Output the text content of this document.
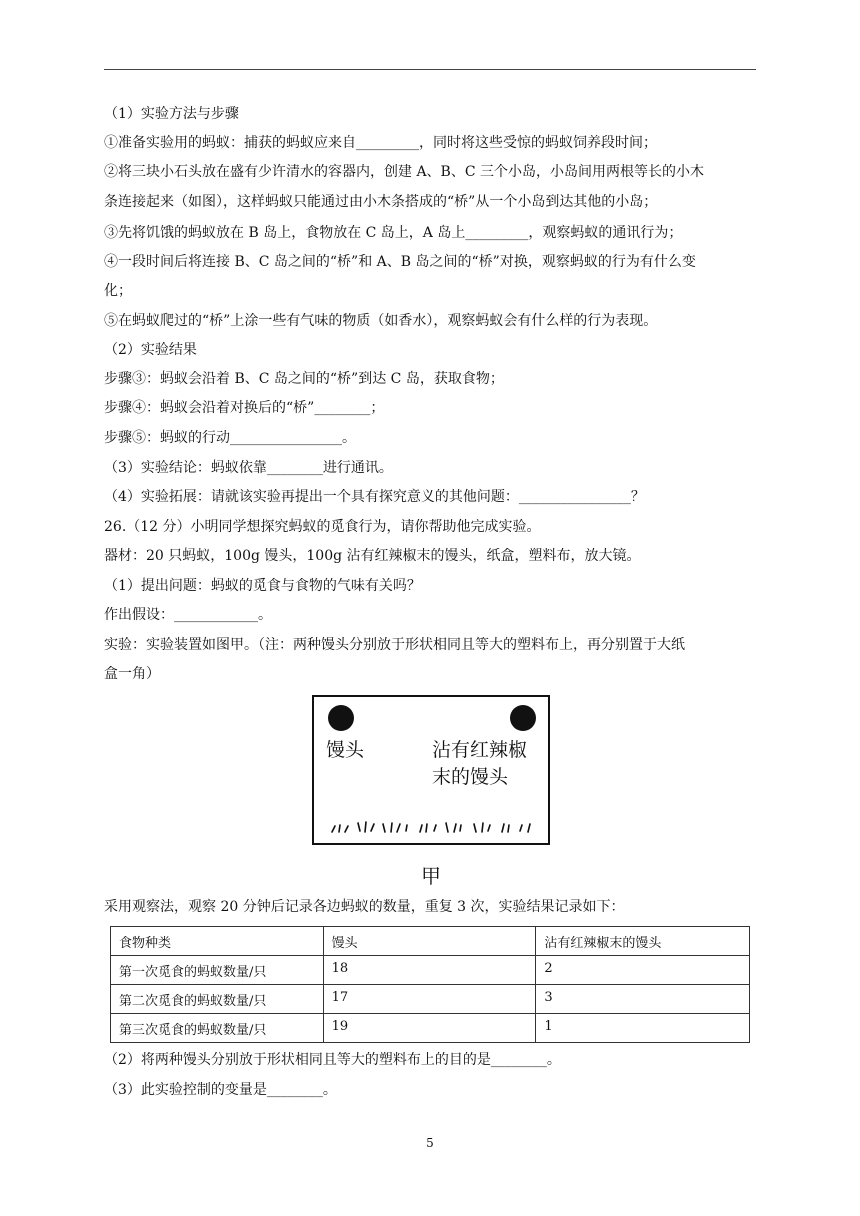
（1）实验方法与步骤
①准备实验用的蚂蚁：捕获的蚂蚁应来自_________，同时将这些受惊的蚂蚁饲养段时间；
②将三块小石头放在盛有少许清水的容器内，创建 A、B、C 三个小岛，小岛间用两根等长的小木
条连接起来（如图），这样蚂蚁只能通过由小木条搭成的“桥”从一个小岛到达其他的小岛；
③先将饥饿的蚂蚁放在 B 岛上，食物放在 C 岛上，A 岛上_________，观察蚂蚁的通讯行为；
④一段时间后将连接 B、C 岛之间的“桥”和 A、B 岛之间的“桥”对换，观察蚂蚁的行为有什么变
化；
⑤在蚂蚁爬过的“桥”上涂一些有气味的物质（如香水），观察蚂蚁会有什么样的行为表现。
（2）实验结果
步骤③：蚂蚁会沿着 B、C 岛之间的“桥”到达 C 岛，获取食物；
步骤④：蚂蚁会沿着对换后的“桥”________；
步骤⑤：蚂蚁的行动________________。
（3）实验结论：蚂蚁依靠________进行通讯。
（4）实验拓展：请就该实验再提出一个具有探究意义的其他问题：________________？
26.（12 分）小明同学想探究蚂蚁的觅食行为，请你帮助他完成实验。
器材：20 只蚂蚁，100g 馒头，100g 沾有红辣椒末的馒头，纸盒，塑料布，放大镜。
（1）提出问题：蚂蚁的觅食与食物的气味有关吗？
作出假设：____________。
实验：实验装置如图甲。（注：两种馒头分别放于形状相同且等大的塑料布上，再分别置于大纸
盒一角）
馒头	沾有红辣椒
末的馒头
甲
采用观察法，观察 20 分钟后记录各边蚂蚁的数量，重复 3 次，实验结果记录如下：
食物种类	馒头	沾有红辣椒末的馒头
第一次觅食的蚂蚁数量/只	18	2
第二次觅食的蚂蚁数量/只	17	3
第三次觅食的蚂蚁数量/只	19	1
（2）将两种馒头分别放于形状相同且等大的塑料布上的目的是________。
（3）此实验控制的变量是________。
5
